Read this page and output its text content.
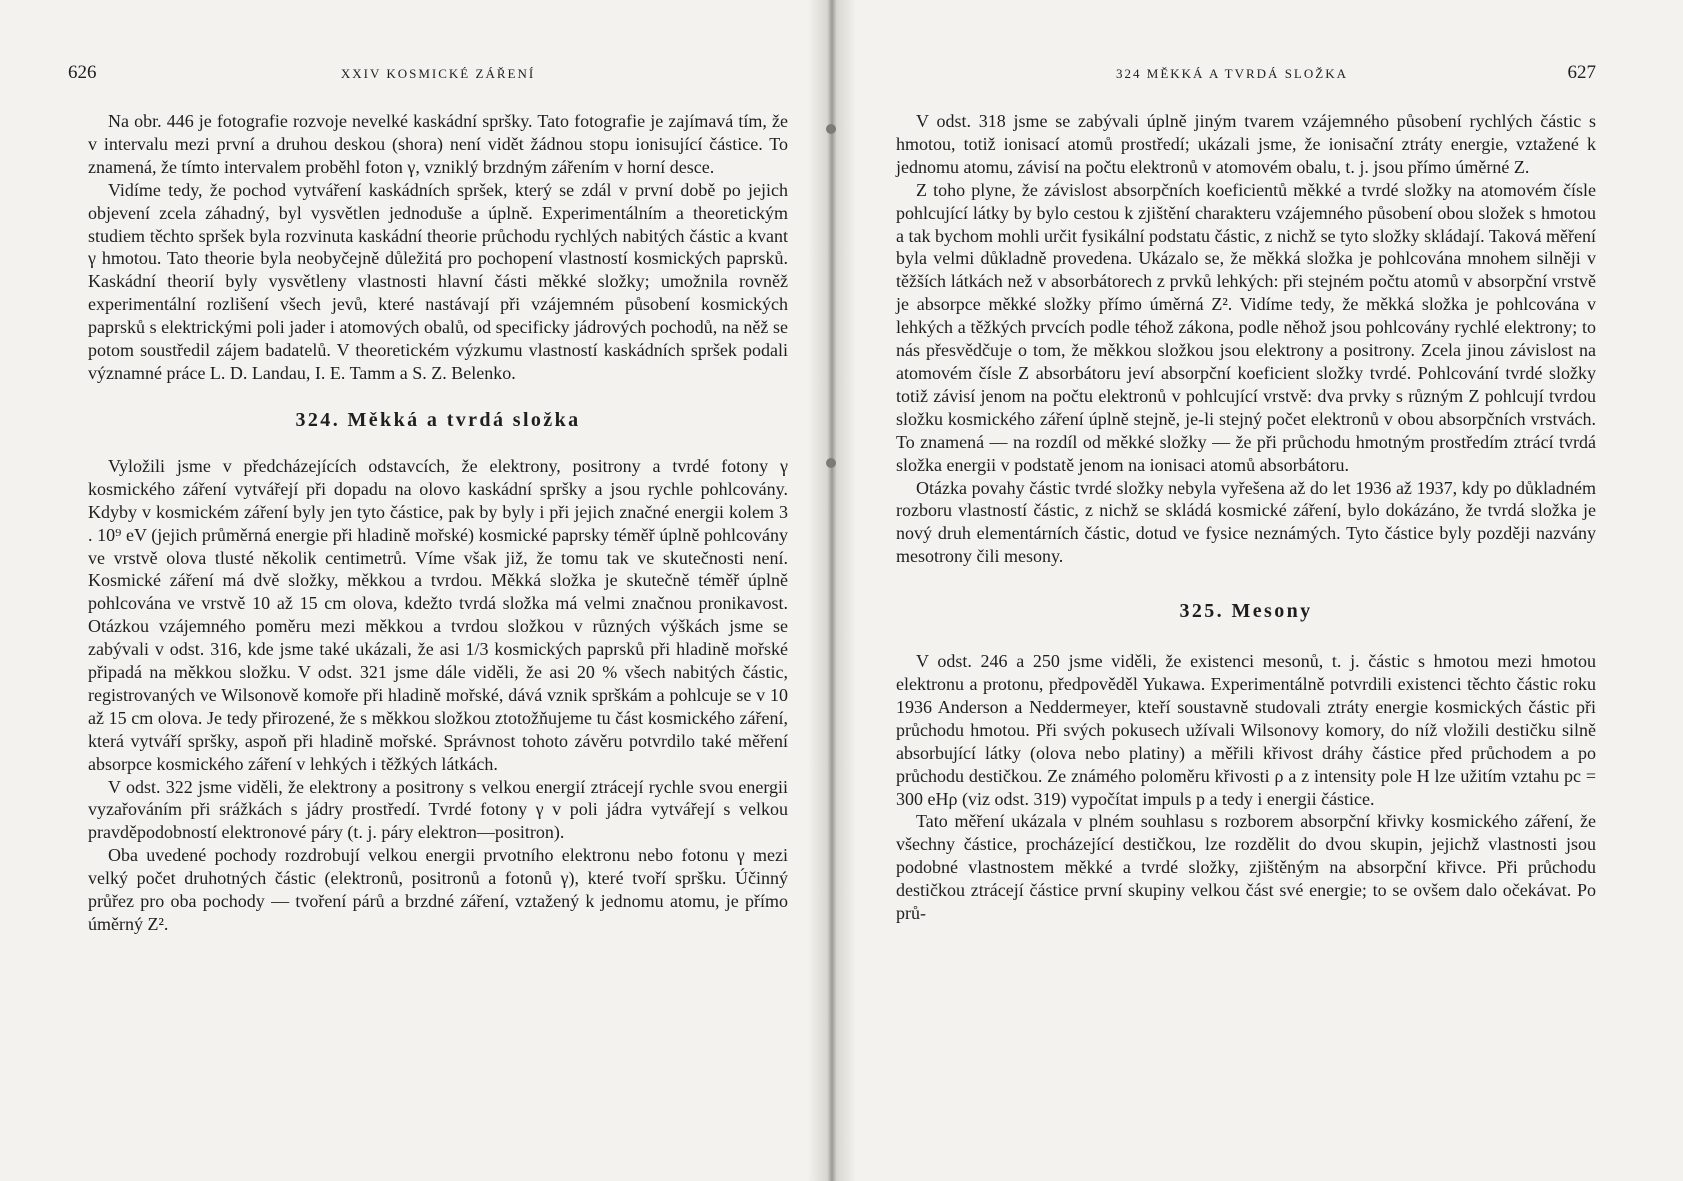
626	XXIV KOSMICKÉ ZÁŘENÍ

Na obr. 446 je fotografie rozvoje nevelké kaskádní spršky. Tato fotografie je zajímavá tím, že v intervalu mezi první a druhou deskou (shora) není vidět žádnou stopu ionisující částice. To znamená, že tímto intervalem proběhl foton γ, vzniklý brzdným zářením v horní desce.

Vidíme tedy, že pochod vytváření kaskádních spršek, který se zdál v první době po jejich objevení zcela záhadný, byl vysvětlen jednoduše a úplně. Experimentálním a theoretickým studiem těchto spršek byla rozvinuta kaskádní theorie průchodu rychlých nabitých částic a kvant γ hmotou. Tato theorie byla neobyčejně důležitá pro pochopení vlastností kosmických paprsků. Kaskádní theorií byly vysvětleny vlastnosti hlavní části měkké složky; umožnila rovněž experimentální rozlišení všech jevů, které nastávají při vzájemném působení kosmických paprsků s elektrickými poli jader i atomových obalů, od specificky jádrových pochodů, na něž se potom soustředil zájem badatelů. V theoretickém výzkumu vlastností kaskádních spršek podali významné práce L. D. Landau, I. E. Tamm a S. Z. Belenko.

324. Měkká a tvrdá složka

Vyložili jsme v předcházejících odstavcích, že elektrony, positrony a tvrdé fotony γ kosmického záření vytvářejí při dopadu na olovo kaskádní spršky a jsou rychle pohlcovány. Kdyby v kosmickém záření byly jen tyto částice, pak by byly i při jejich značné energii kolem 3 . 10⁹ eV (jejich průměrná energie při hladině mořské) kosmické paprsky téměř úplně pohlcovány ve vrstvě olova tlusté několik centimetrů. Víme však již, že tomu tak ve skutečnosti není. Kosmické záření má dvě složky, měkkou a tvrdou. Měkká složka je skutečně téměř úplně pohlcována ve vrstvě 10 až 15 cm olova, kdežto tvrdá složka má velmi značnou pronikavost. Otázkou vzájemného poměru mezi měkkou a tvrdou složkou v různých výškách jsme se zabývali v odst. 316, kde jsme také ukázali, že asi 1/3 kosmických paprsků při hladině mořské připadá na měkkou složku. V odst. 321 jsme dále viděli, že asi 20 % všech nabitých částic, registrovaných ve Wilsonově komoře při hladině mořské, dává vznik sprškám a pohlcuje se v 10 až 15 cm olova. Je tedy přirozené, že s měkkou složkou ztotožňujeme tu část kosmického záření, která vytváří spršky, aspoň při hladině mořské. Správnost tohoto závěru potvrdilo také měření absorpce kosmického záření v lehkých i těžkých látkách.

V odst. 322 jsme viděli, že elektrony a positrony s velkou energií ztrácejí rychle svou energii vyzařováním při srážkách s jádry prostředí. Tvrdé fotony γ v poli jádra vytvářejí s velkou pravděpodobností elektronové páry (t. j. páry elektron—positron).

Oba uvedené pochody rozdrobují velkou energii prvotního elektronu nebo fotonu γ mezi velký počet druhotných částic (elektronů, positronů a fotonů γ), které tvoří spršku. Účinný průřez pro oba pochody — tvoření párů a brzdné záření, vztažený k jednomu atomu, je přímo úměrný Z².

324 MĚKKÁ A TVRDÁ SLOŽKA	627

V odst. 318 jsme se zabývali úplně jiným tvarem vzájemného působení rychlých částic s hmotou, totiž ionisací atomů prostředí; ukázali jsme, že ionisační ztráty energie, vztažené k jednomu atomu, závisí na počtu elektronů v atomovém obalu, t. j. jsou přímo úměrné Z.

Z toho plyne, že závislost absorpčních koeficientů měkké a tvrdé složky na atomovém čísle pohlcující látky by bylo cestou k zjištění charakteru vzájemného působení obou složek s hmotou a tak bychom mohli určit fysikální podstatu částic, z nichž se tyto složky skládají. Taková měření byla velmi důkladně provedena. Ukázalo se, že měkká složka je pohlcována mnohem silněji v těžších látkách než v absorbátorech z prvků lehkých: při stejném počtu atomů v absorpční vrstvě je absorpce měkké složky přímo úměrná Z². Vidíme tedy, že měkká složka je pohlcována v lehkých a těžkých prvcích podle téhož zákona, podle něhož jsou pohlcovány rychlé elektrony; to nás přesvědčuje o tom, že měkkou složkou jsou elektrony a positrony. Zcela jinou závislost na atomovém čísle Z absorbátoru jeví absorpční koeficient složky tvrdé. Pohlcování tvrdé složky totiž závisí jenom na počtu elektronů v pohlcující vrstvě: dva prvky s různým Z pohlcují tvrdou složku kosmického záření úplně stejně, je-li stejný počet elektronů v obou absorpčních vrstvách. To znamená — na rozdíl od měkké složky — že při průchodu hmotným prostředím ztrácí tvrdá složka energii v podstatě jenom na ionisaci atomů absorbátoru.

Otázka povahy částic tvrdé složky nebyla vyřešena až do let 1936 až 1937, kdy po důkladném rozboru vlastností částic, z nichž se skládá kosmické záření, bylo dokázáno, že tvrdá složka je nový druh elementárních částic, dotud ve fysice neznámých. Tyto částice byly později nazvány mesotrony čili mesony.

325. Mesony

V odst. 246 a 250 jsme viděli, že existenci mesonů, t. j. částic s hmotou mezi hmotou elektronu a protonu, předpověděl Yukawa. Experimentálně potvrdili existenci těchto částic roku 1936 Anderson a Neddermeyer, kteří soustavně studovali ztráty energie kosmických částic při průchodu hmotou. Při svých pokusech užívali Wilsonovy komory, do níž vložili destičku silně absorbující látky (olova nebo platiny) a měřili křivost dráhy částice před průchodem a po průchodu destičkou. Ze známého poloměru křivosti ρ a z intensity pole H lze užitím vztahu pc = 300 eHρ (viz odst. 319) vypočítat impuls p a tedy i energii částice.

Tato měření ukázala v plném souhlasu s rozborem absorpční křivky kosmického záření, že všechny částice, procházející destičkou, lze rozdělit do dvou skupin, jejichž vlastnosti jsou podobné vlastnostem měkké a tvrdé složky, zjištěným na absorpční křivce. Při průchodu destičkou ztrácejí částice první skupiny velkou část své energie; to se ovšem dalo očekávat. Po prů-
